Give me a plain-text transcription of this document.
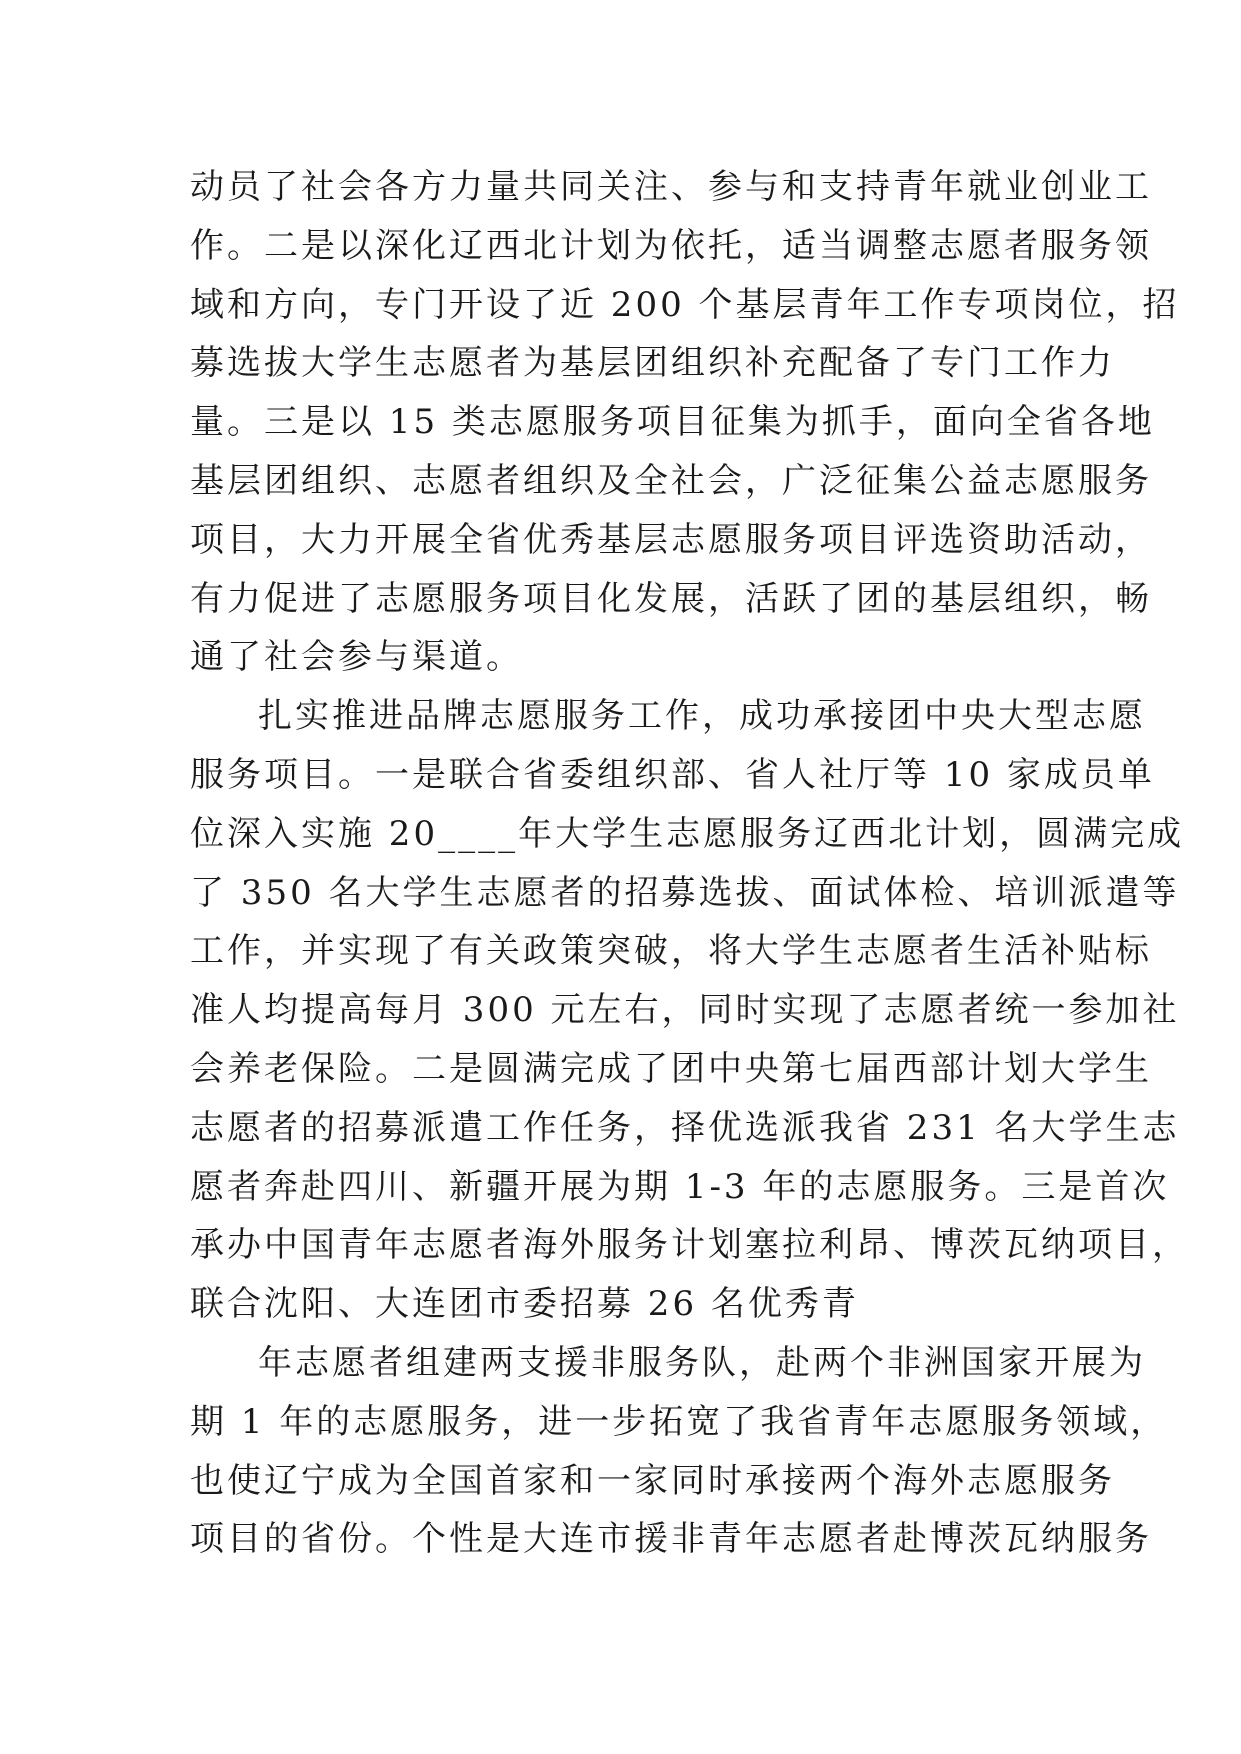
动员了社会各方力量共同关注、参与和支持青年就业创业工
作。二是以深化辽西北计划为依托，适当调整志愿者服务领
域和方向，专门开设了近 200 个基层青年工作专项岗位，招
募选拔大学生志愿者为基层团组织补充配备了专门工作力
量。三是以 15 类志愿服务项目征集为抓手，面向全省各地
基层团组织、志愿者组织及全社会，广泛征集公益志愿服务
项目，大力开展全省优秀基层志愿服务项目评选资助活动，
有力促进了志愿服务项目化发展，活跃了团的基层组织，畅
通了社会参与渠道。

扎实推进品牌志愿服务工作，成功承接团中央大型志愿
服务项目。一是联合省委组织部、省人社厅等 10 家成员单
位深入实施 20____年大学生志愿服务辽西北计划，圆满完成
了 350 名大学生志愿者的招募选拔、面试体检、培训派遣等
工作，并实现了有关政策突破，将大学生志愿者生活补贴标
准人均提高每月 300 元左右，同时实现了志愿者统一参加社
会养老保险。二是圆满完成了团中央第七届西部计划大学生
志愿者的招募派遣工作任务，择优选派我省 231 名大学生志
愿者奔赴四川、新疆开展为期 1-3 年的志愿服务。三是首次
承办中国青年志愿者海外服务计划塞拉利昂、博茨瓦纳项目，
联合沈阳、大连团市委招募 26 名优秀青

年志愿者组建两支援非服务队，赴两个非洲国家开展为
期 1 年的志愿服务，进一步拓宽了我省青年志愿服务领域，
也使辽宁成为全国首家和一家同时承接两个海外志愿服务
项目的省份。个性是大连市援非青年志愿者赴博茨瓦纳服务
